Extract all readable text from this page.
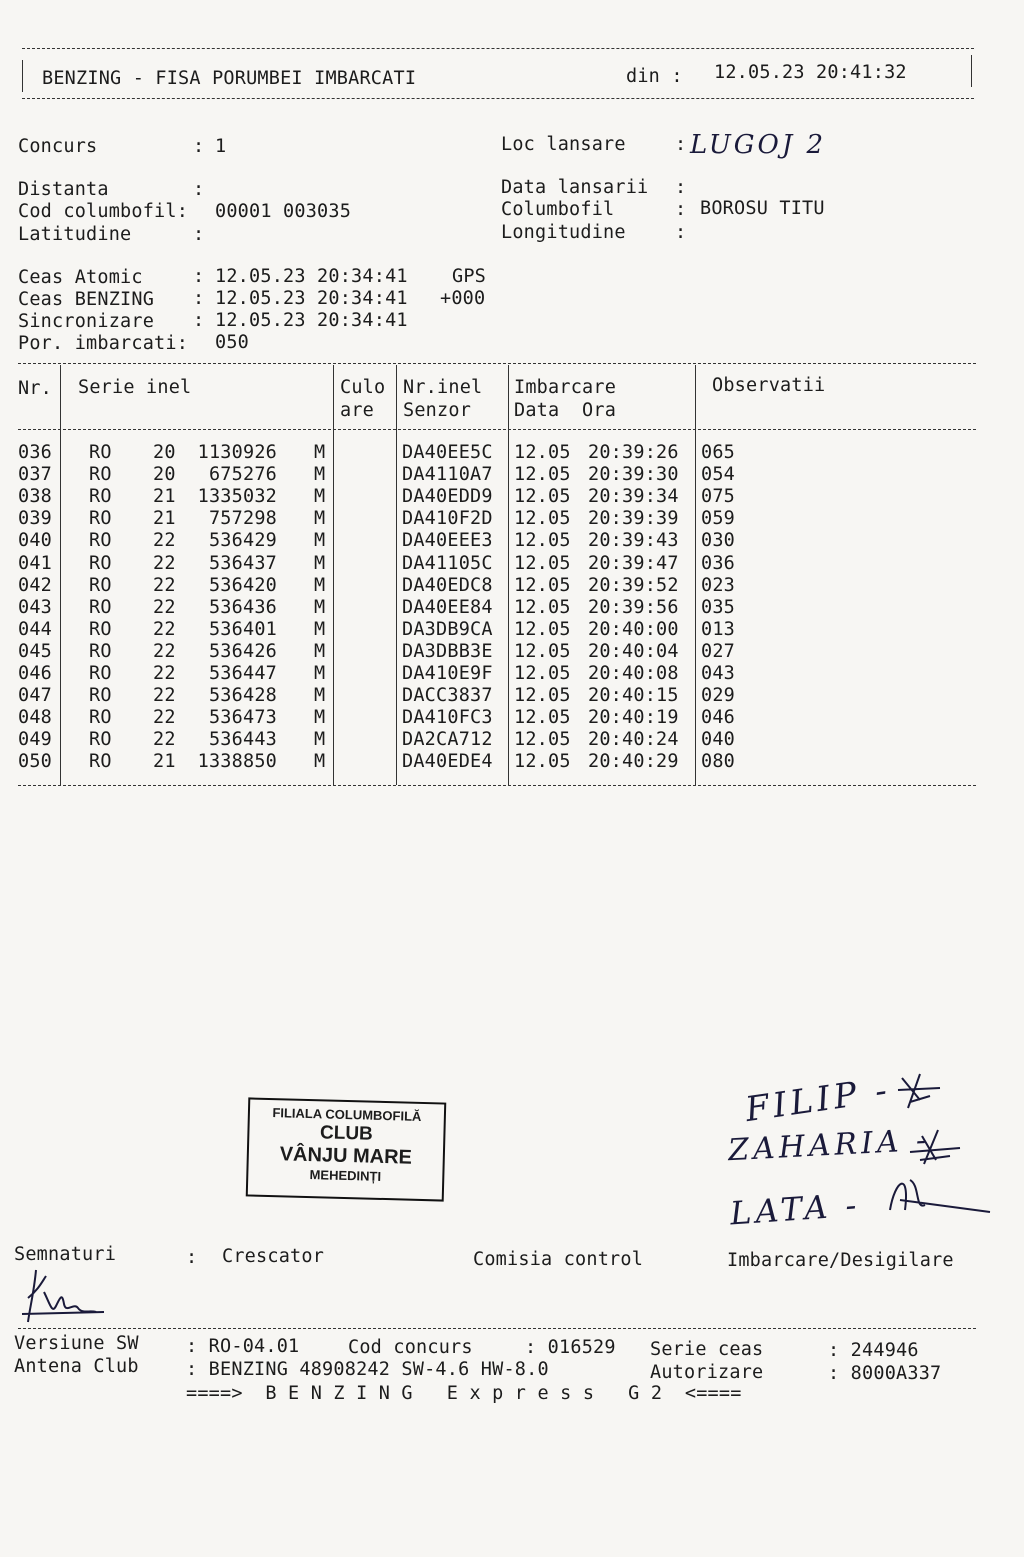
BENZING - FISA PORUMBEI IMBARCATI	din : 12.05.23 20:41:32
Concurs	: 1	Loc lansare	: LUGOJ 2
Distanta	:	Data lansarii :
Cod columbofil: 00001 003035	Columbofil	: BOROSU TITU
Latitudine	:	Longitudine	:
Ceas Atomic	: 12.05.23 20:34:41 GPS
Ceas BENZING : 12.05.23 20:34:41 +000
Sincronizare : 12.05.23 20:34:41
Por. imbarcati: 050
Nr. Serie inel	Culo
are
Nr.inel
Senzor
Imbarcare
Data  Ora
Observatii
036 RO 20 1130926 M	DA40EE5C 12.05 20:39:26 065
037 RO 20 675276 M	DA4110A7 12.05 20:39:30 054
038 RO 21 1335032 M	DA40EDD9 12.05 20:39:34 075
039 RO 21 757298 M	DA410F2D 12.05 20:39:39 059
040 RO 22 536429 M	DA40EEE3 12.05 20:39:43 030
041 RO 22 536437 M	DA41105C 12.05 20:39:47 036
042 RO 22 536420 M	DA40EDC8 12.05 20:39:52 023
043 RO 22 536436 M	DA40EE84 12.05 20:39:56 035
044 RO 22 536401 M	DA3DB9CA 12.05 20:40:00 013
045 RO 22 536426 M	DA3DBB3E 12.05 20:40:04 027
046 RO 22 536447 M	DA410E9F 12.05 20:40:08 043
047 RO 22 536428 M	DACC3837 12.05 20:40:15 029
048 RO 22 536473 M	DA410FC3 12.05 20:40:19 046
049 RO 22 536443 M	DA2CA712 12.05 20:40:24 040
050 RO 21 1338850 M	DA40EDE4 12.05 20:40:29 080
FILIALA COLUMBOFILĂ
CLUB
VÂNJU MARE
MEHEDINȚI
FILIP -
ZAHARIA -
LATA -
Semnaturi	: Crescator	Comisia control	Imbarcare/Desigilare
Versiune SW	: RO-04.01	Cod concurs	: 016529 Serie ceas	: 244946
Antena Club	: BENZING 48908242 SW-4.6 HW-8.0	Autorizare	: 8000A337
====>  B E N Z I N G   E x p r e s s   G 2  <====
